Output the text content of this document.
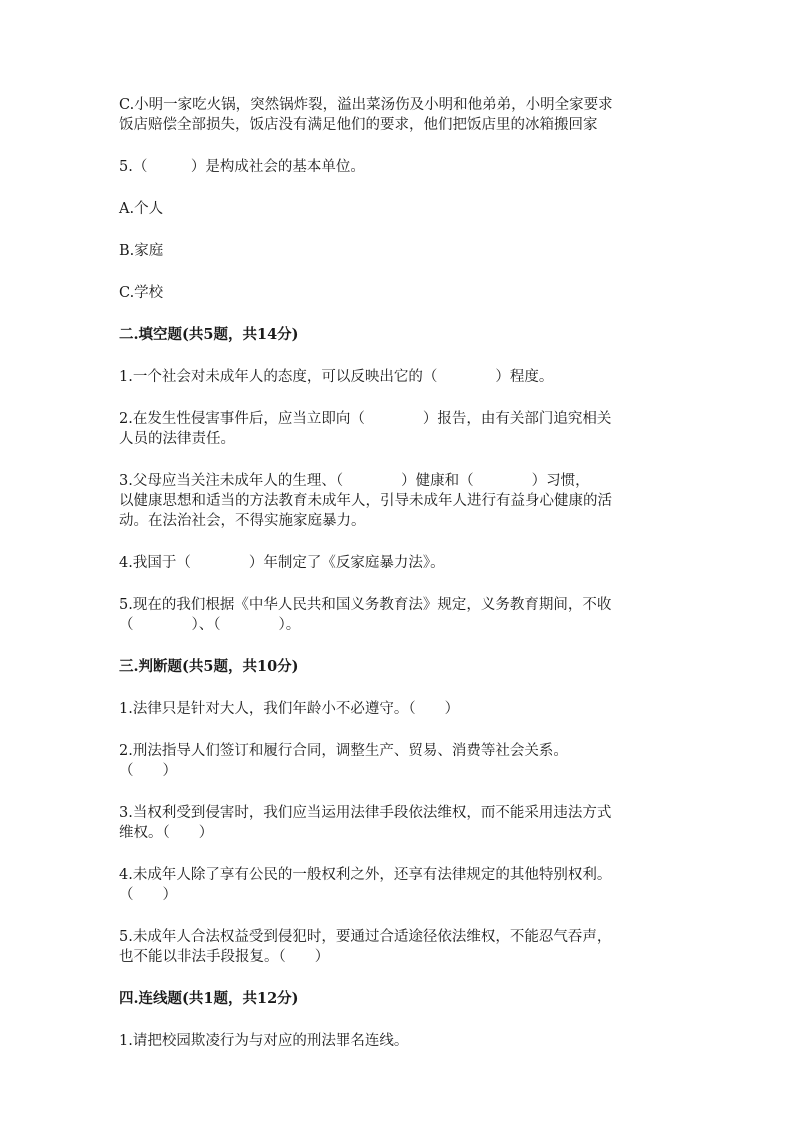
C.小明一家吃火锅，突然锅炸裂，溢出菜汤伤及小明和他弟弟，小明全家要求

饭店赔偿全部损失，饭店没有满足他们的要求，他们把饭店里的冰箱搬回家

5.（　　　）是构成社会的基本单位。

A.个人

B.家庭

C.学校

二.填空题(共5题，共14分)

1.一个社会对未成年人的态度，可以反映出它的（　　　　）程度。

2.在发生性侵害事件后，应当立即向（　　　　）报告，由有关部门追究相关

人员的法律责任。

3.父母应当关注未成年人的生理、（　　　　）健康和（　　　　）习惯，

以健康思想和适当的方法教育未成年人，引导未成年人进行有益身心健康的活

动。在法治社会，不得实施家庭暴力。

4.我国于（　　　　）年制定了《反家庭暴力法》。

5.现在的我们根据《中华人民共和国义务教育法》规定，义务教育期间，不收

（　　　　）、（　　　　）。

三.判断题(共5题，共10分)

1.法律只是针对大人，我们年龄小不必遵守。（　　）

2.刑法指导人们签订和履行合同，调整生产、贸易、消费等社会关系。

（　　）

3.当权利受到侵害时，我们应当运用法律手段依法维权，而不能采用违法方式

维权。（　　）

4.未成年人除了享有公民的一般权利之外，还享有法律规定的其他特别权利。

（　　）

5.未成年人合法权益受到侵犯时，要通过合适途径依法维权，不能忍气吞声，

也不能以非法手段报复。（　　）

四.连线题(共1题，共12分)

1.请把校园欺凌行为与对应的刑法罪名连线。
